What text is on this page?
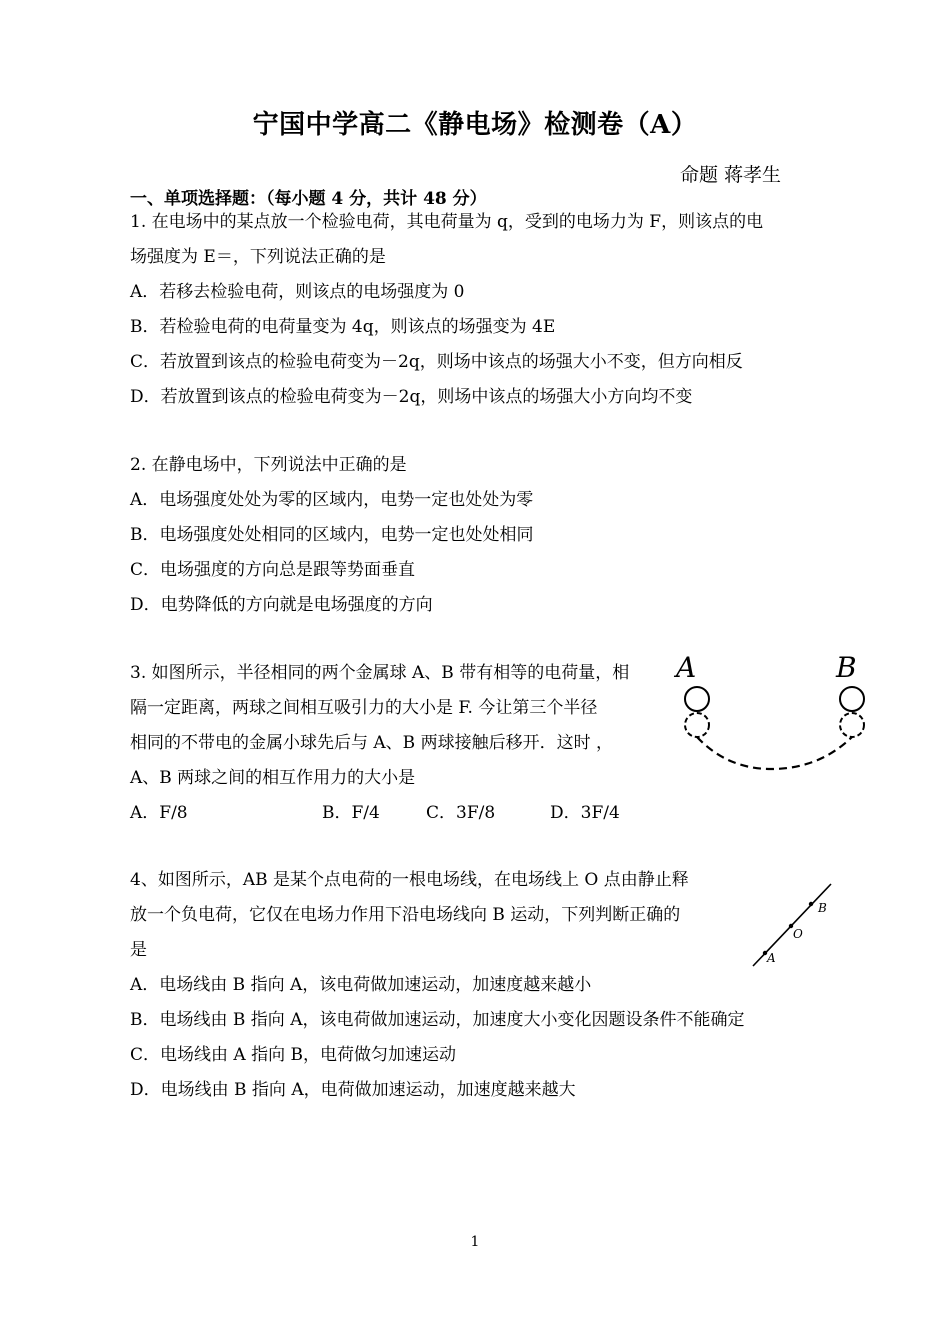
宁国中学高二《静电场》检测卷（A）
命题 蒋孝生
一、单项选择题：（每小题 4 分，共计 48 分）
1. 在电场中的某点放一个检验电荷，其电荷量为 q，受到的电场力为 F，则该点的电
场强度为 E＝，下列说法正确的是
A．若移去检验电荷，则该点的电场强度为 0
B．若检验电荷的电荷量变为 4q，则该点的场强变为 4E
C．若放置到该点的检验电荷变为－2q，则场中该点的场强大小不变，但方向相反
D．若放置到该点的检验电荷变为－2q，则场中该点的场强大小方向均不变
2. 在静电场中，下列说法中正确的是
A．电场强度处处为零的区域内，电势一定也处处为零
B．电场强度处处相同的区域内，电势一定也处处相同
C．电场强度的方向总是跟等势面垂直
D．电势降低的方向就是电场强度的方向
3. 如图所示，半径相同的两个金属球 A、B 带有相等的电荷量，相
隔一定距离，两球之间相互吸引力的大小是 F. 今让第三个半径
相同的不带电的金属小球先后与 A、B 两球接触后移开．这时 ，
A、B 两球之间的相互作用力的大小是
A．F/8	B．F/4	C．3F/8	D．3F/4
A	B
4、如图所示，AB 是某个点电荷的一根电场线，在电场线上 O 点由静止释
放一个负电荷，它仅在电场力作用下沿电场线向 B 运动，下列判断正确的
是
A．电场线由 B 指向 A，该电荷做加速运动，加速度越来越小
B．电场线由 B 指向 A，该电荷做加速运动，加速度大小变化因题设条件不能确定
C．电场线由 A 指向 B，电荷做匀加速运动
D．电场线由 B 指向 A，电荷做加速运动，加速度越来越大
A
O
B
1
